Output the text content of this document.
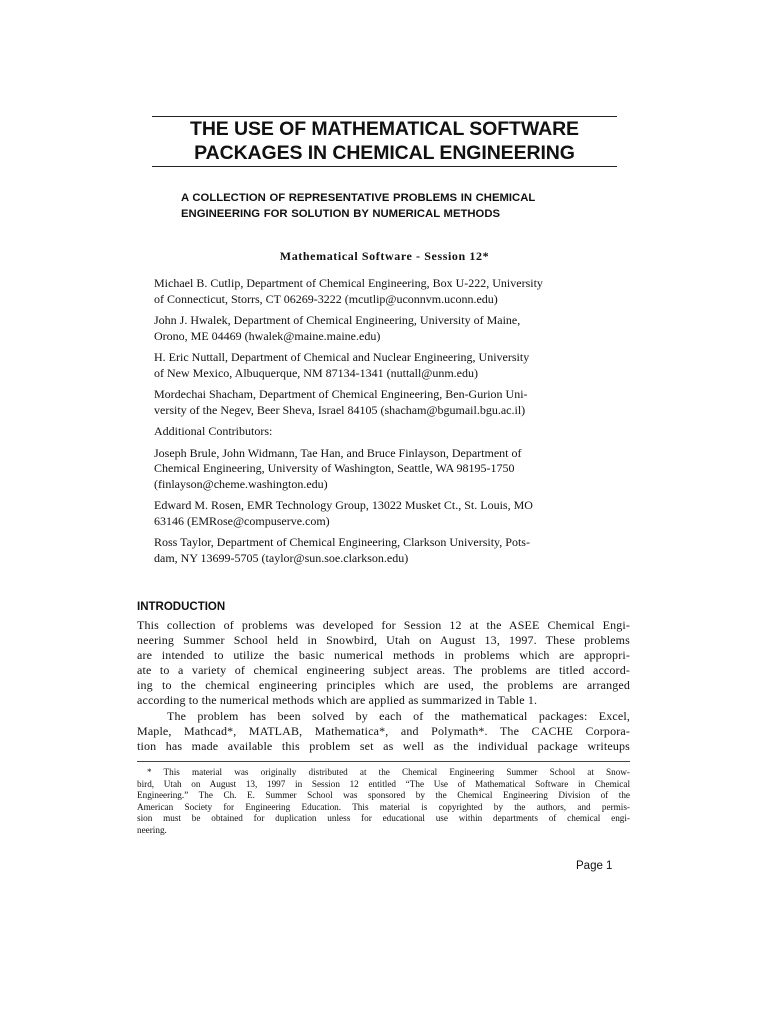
THE USE OF MATHEMATICAL SOFTWARE
PACKAGES IN CHEMICAL ENGINEERING
A COLLECTION OF REPRESENTATIVE PROBLEMS IN CHEMICAL
ENGINEERING FOR SOLUTION BY NUMERICAL METHODS
Mathematical Software - Session 12*
Michael B. Cutlip, Department of Chemical Engineering, Box U-222, University
of Connecticut, Storrs, CT 06269-3222 (mcutlip@uconnvm.uconn.edu)
John J. Hwalek, Department of Chemical Engineering, University of Maine,
Orono, ME 04469 (hwalek@maine.maine.edu)
H. Eric Nuttall, Department of Chemical and Nuclear Engineering, University
of New Mexico, Albuquerque, NM 87134-1341 (nuttall@unm.edu)
Mordechai Shacham, Department of Chemical Engineering, Ben-Gurion Uni-
versity of the Negev, Beer Sheva, Israel 84105 (shacham@bgumail.bgu.ac.il)
Additional Contributors:
Joseph Brule, John Widmann, Tae Han, and Bruce Finlayson, Department of
Chemical Engineering, University of Washington, Seattle, WA 98195-1750
(finlayson@cheme.washington.edu)
Edward M. Rosen, EMR Technology Group, 13022 Musket Ct., St. Louis, MO
63146 (EMRose@compuserve.com)
Ross Taylor, Department of Chemical Engineering, Clarkson University, Pots-
dam, NY 13699-5705 (taylor@sun.soe.clarkson.edu)
INTRODUCTION
This collection of problems was developed for Session 12 at the ASEE Chemical Engi-
neering Summer School held in Snowbird, Utah on August 13, 1997. These problems
are intended to utilize the basic numerical methods in problems which are appropri-
ate to a variety of chemical engineering subject areas. The problems are titled accord-
ing to the chemical engineering principles which are used, the problems are arranged
according to the numerical methods which are applied as summarized in Table 1.
The problem has been solved by each of the mathematical packages: Excel,
Maple, Mathcad*, MATLAB, Mathematica*, and Polymath*. The CACHE Corpora-
tion has made available this problem set as well as the individual package writeups
* This material was originally distributed at the Chemical Engineering Summer School at Snow-
bird, Utah on August 13, 1997 in Session 12 entitled “The Use of Mathematical Software in Chemical
Engineering.” The Ch. E. Summer School was sponsored by the Chemical Engineering Division of the
American Society for Engineering Education. This material is copyrighted by the authors, and permis-
sion must be obtained for duplication unless for educational use within departments of chemical engi-
neering.
Page 1
